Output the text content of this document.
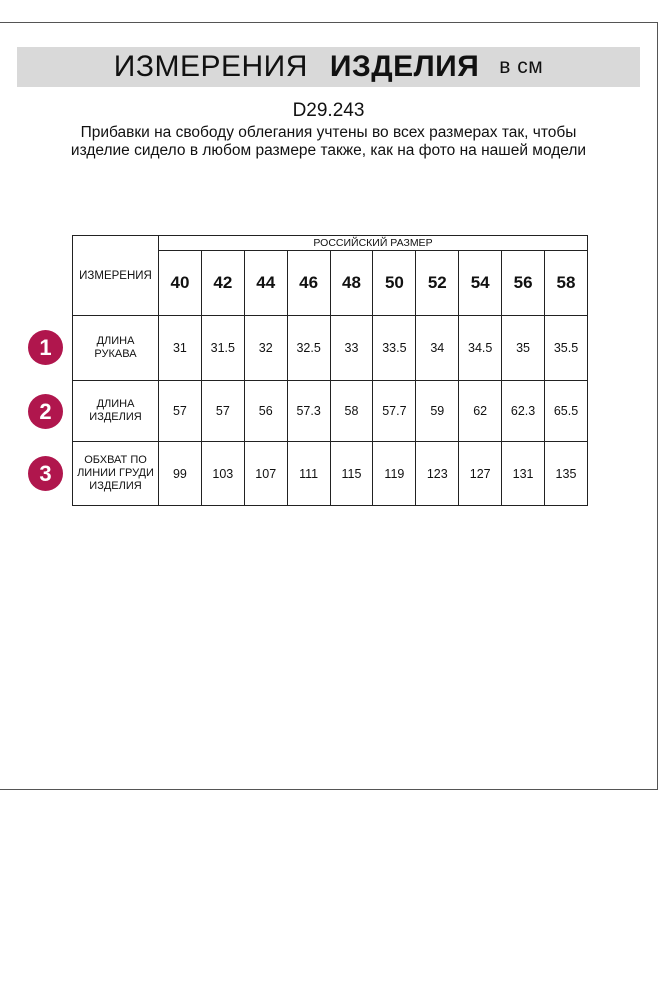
ИЗМЕРЕНИЯ ИЗДЕЛИЯ в см
D29.243
Прибавки на свободу облегания учтены во всех размерах так, чтобы изделие сидело в любом размере также, как на фото на нашей модели
ИЗМЕРЕНИЯ	РОССИЙСКИЙ РАЗМЕР									
	40	42	44	46	48	50	52	54	56	58
ДЛИНА РУКАВА	31	31.5	32	32.5	33	33.5	34	34.5	35	35.5
ДЛИНА ИЗДЕЛИЯ	57	57	56	57.3	58	57.7	59	62	62.3	65.5
ОБХВАТ ПО ЛИНИИ ГРУДИ ИЗДЕЛИЯ	99	103	107	111	115	119	123	127	131	135
1
2
3
